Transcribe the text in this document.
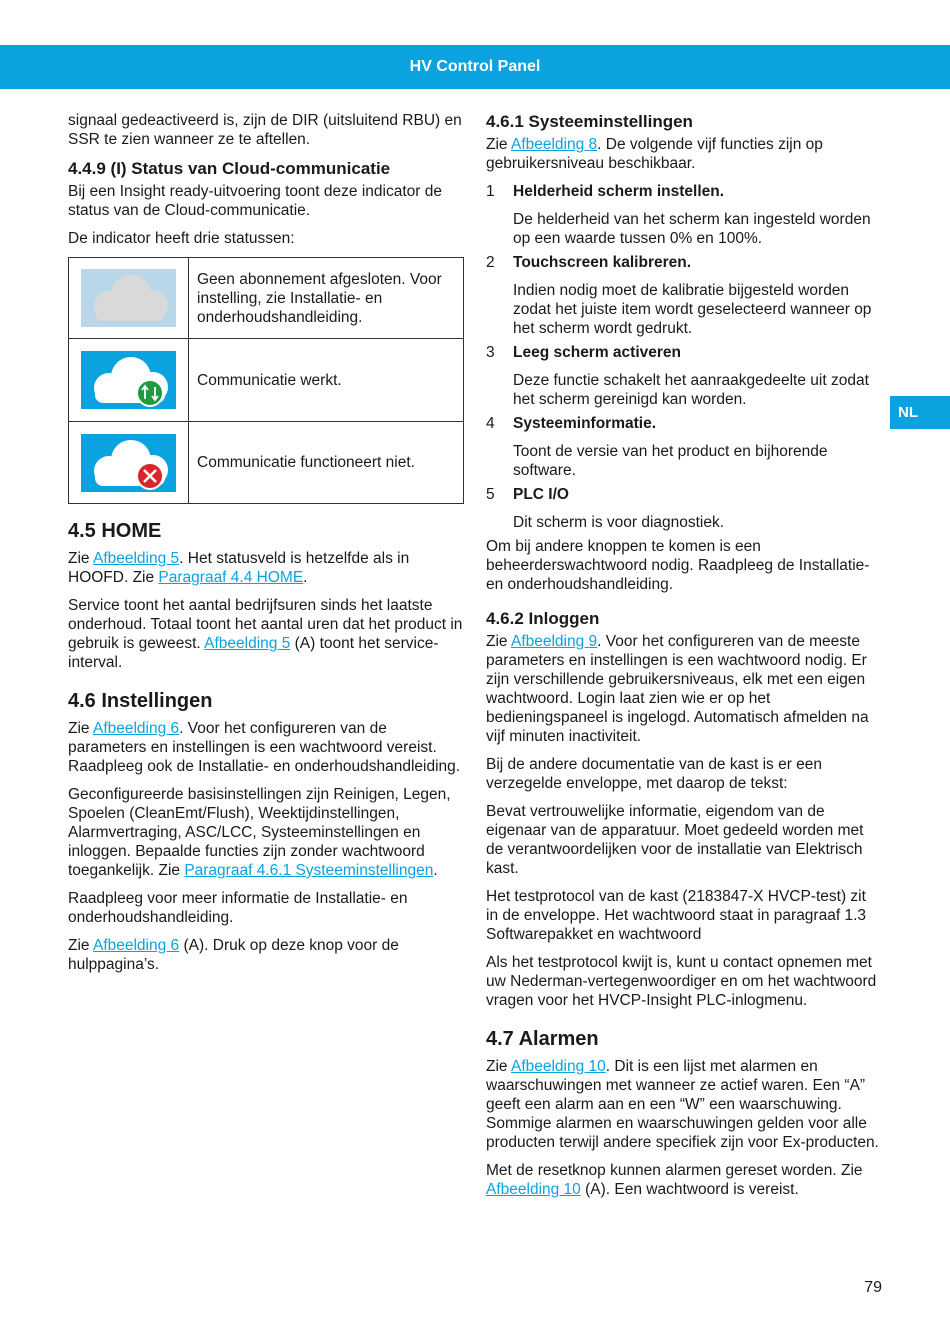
HV Control Panel
NL

signaal gedeactiveerd is, zijn de DIR (uitsluitend RBU) en SSR te zien wanneer ze te aftellen.

4.4.9 (I) Status van Cloud-communicatie

Bij een Insight ready-uitvoering toont deze indicator de status van de Cloud-communicatie.

De indicator heeft drie statussen:

	Geen abonnement afgesloten. Voor instelling, zie Installatie- en onderhoudshandleiding.

	Communicatie werkt.

	Communicatie functioneert niet.
4.5 HOME

Zie Afbeelding 5. Het statusveld is hetzelfde als in HOOFD. Zie Paragraaf 4.4 HOME.

Service toont het aantal bedrijfsuren sinds het laatste onderhoud. Totaal toont het aantal uren dat het product in gebruik is geweest. Afbeelding 5 (A) toont het service-interval.

4.6 Instellingen

Zie Afbeelding 6. Voor het configureren van de parameters en instellingen is een wachtwoord vereist. Raadpleeg ook de Installatie- en onderhoudshandleiding.

Geconfigureerde basisinstellingen zijn Reinigen, Legen, Spoelen (CleanEmt/Flush), Weektijdinstellingen, Alarmvertraging, ASC/LCC, Systeeminstellingen en inloggen. Bepaalde functies zijn zonder wachtwoord toegankelijk. Zie Paragraaf 4.6.1 Systeeminstellingen.

Raadpleeg voor meer informatie de Installatie- en onderhoudshandleiding.

Zie Afbeelding 6 (A). Druk op deze knop voor de hulppagina’s.

4.6.1 Systeeminstellingen

Zie Afbeelding 8. De volgende vijf functies zijn op gebruikersniveau beschikbaar.

1	Helderheid scherm instellen.

De helderheid van het scherm kan ingesteld worden op een waarde tussen 0% en 100%.

2	Touchscreen kalibreren.

Indien nodig moet de kalibratie bijgesteld worden zodat het juiste item wordt geselecteerd wanneer op het scherm wordt gedrukt.

3	Leeg scherm activeren

Deze functie schakelt het aanraakgedeelte uit zodat het scherm gereinigd kan worden.

4	Systeeminformatie.

Toont de versie van het product en bijhorende software.

5	PLC I/O

Dit scherm is voor diagnostiek.

Om bij andere knoppen te komen is een beheerderswachtwoord nodig. Raadpleeg de Installatie- en onderhoudshandleiding.

4.6.2 Inloggen

Zie Afbeelding 9. Voor het configureren van de meeste parameters en instellingen is een wachtwoord nodig. Er zijn verschillende gebruikersniveaus, elk met een eigen wachtwoord. Login laat zien wie er op het bedieningspaneel is ingelogd. Automatisch afmelden na vijf minuten inactiviteit.

Bij de andere documentatie van de kast is er een verzegelde enveloppe, met daarop de tekst:

Bevat vertrouwelijke informatie, eigendom van de eigenaar van de apparatuur. Moet gedeeld worden met de verantwoordelijken voor de installatie van Elektrisch kast.

Het testprotocol van de kast (2183847-X HVCP-test) zit in de enveloppe. Het wachtwoord staat in paragraaf 1.3 Softwarepakket en wachtwoord

Als het testprotocol kwijt is, kunt u contact opnemen met uw Nederman-vertegenwoordiger en om het wachtwoord vragen voor het HVCP-Insight PLC-inlogmenu.

4.7 Alarmen

Zie Afbeelding 10. Dit is een lijst met alarmen en waarschuwingen met wanneer ze actief waren. Een “A” geeft een alarm aan en een “W” een waarschuwing. Sommige alarmen en waarschuwingen gelden voor alle producten terwijl andere specifiek zijn voor Ex-producten.

Met de resetknop kunnen alarmen gereset worden. Zie Afbeelding 10 (A). Een wachtwoord is vereist.

79
